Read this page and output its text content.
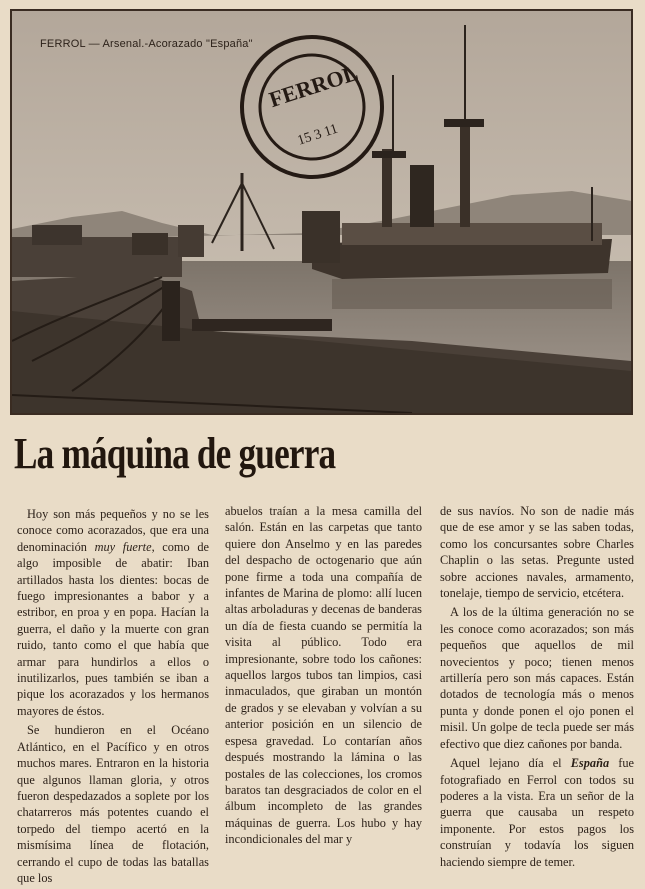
FERROL
15 3 11
FERROL — Arsenal.-Acorazado "España"
La máquina de guerra

Hoy son más pequeños y no se les conoce como acorazados, que era una denominación muy fuerte, como de algo imposible de abatir: Iban artillados hasta los dientes: bocas de fuego impresionantes a babor y a estribor, en proa y en popa. Hacían la guerra, el daño y la muerte con gran ruido, tanto como el que había que armar para hundirlos a ellos o inutilizarlos, pues también se iban a pique los acorazados y los hermanos mayores de éstos.

Se hundieron en el Océano Atlántico, en el Pacífico y en otros muchos mares. Entraron en la historia que algunos llaman gloria, y otros fueron despedazados a soplete por los chatarreros más potentes cuando el torpedo del tiempo acertó en la mismísima línea de flotación, cerrando el cupo de todas las batallas que los

abuelos traían a la mesa camilla del salón. Están en las carpetas que tanto quiere don Anselmo y en las paredes del despacho de octogenario que aún pone firme a toda una compañía de infantes de Marina de plomo: allí lucen altas arboladuras y decenas de banderas un día de fiesta cuando se permitía la visita al público. Todo era impresionante, sobre todo los cañones: aquellos largos tubos tan limpios, casi inmaculados, que giraban un montón de grados y se elevaban y volvían a su anterior posición en un silencio de espesa gravedad. Lo contarían años después mostrando la lámina o las postales de las colecciones, los cromos baratos tan desgraciados de color en el álbum incompleto de las grandes máquinas de guerra. Los hubo y hay incondicionales del mar y

de sus navíos. No son de nadie más que de ese amor y se las saben todas, como los concursantes sobre Charles Chaplin o las setas. Pregunte usted sobre acciones navales, armamento, tonelaje, tiempo de servicio, etcétera.

A los de la última generación no se les conoce como acorazados; son más pequeños que aquellos de mil novecientos y poco; tienen menos artillería pero son más capaces. Están dotados de tecnología más o menos punta y donde ponen el ojo ponen el misil. Un golpe de tecla puede ser más efectivo que diez cañones por banda.

Aquel lejano día el España fue fotografiado en Ferrol con todos su poderes a la vista. Era un señor de la guerra que causaba un respeto imponente. Por estos pagos los construían y todavía los siguen haciendo siempre de temer.
